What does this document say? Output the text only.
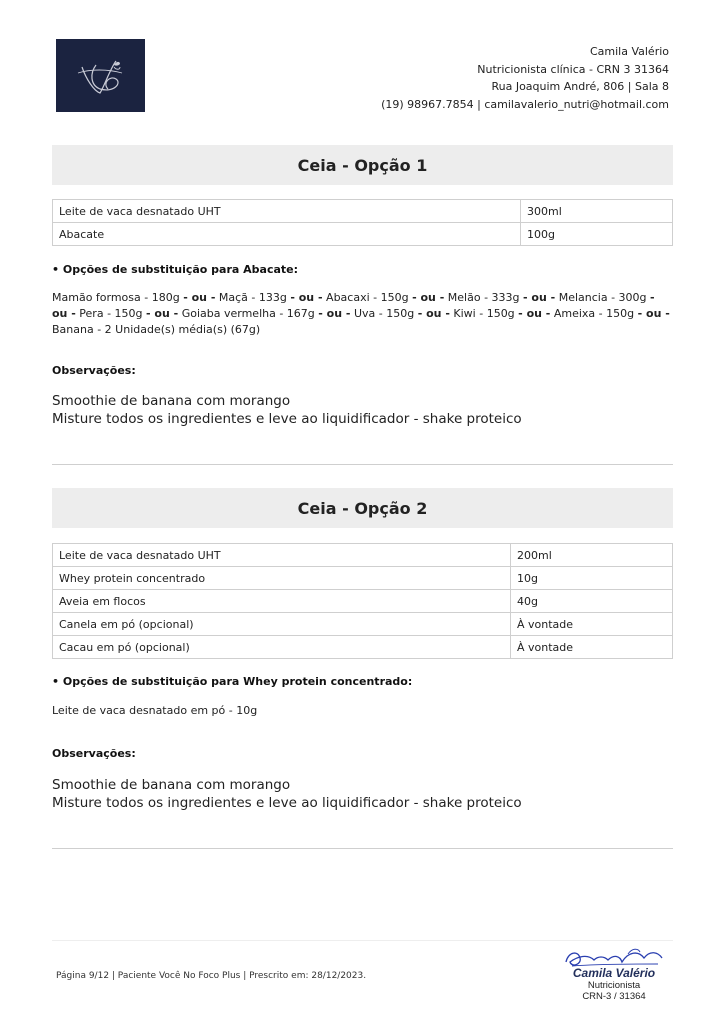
Camila Valério
Nutricionista clínica - CRN 3 31364
Rua Joaquim André, 806 | Sala 8
(19) 98967.7854 | camilavalerio_nutri@hotmail.com
Ceia - Opção 1
Leite de vaca desnatado UHT	300ml
Abacate	100g
• Opções de substituição para Abacate:
Mamão formosa - 180g - ou - Maçã - 133g - ou - Abacaxi - 150g - ou - Melão - 333g - ou - Melancia - 300g - ou - Pera - 150g - ou - Goiaba vermelha - 167g - ou - Uva - 150g - ou - Kiwi - 150g - ou - Ameixa - 150g - ou - Banana - 2 Unidade(s) média(s) (67g)
Observações:
Smoothie de banana com morango
Misture todos os ingredientes e leve ao liquidificador - shake proteico
Ceia - Opção 2
Leite de vaca desnatado UHT	200ml
Whey protein concentrado	10g
Aveia em flocos	40g
Canela em pó (opcional)	À vontade
Cacau em pó (opcional)	À vontade
• Opções de substituição para Whey protein concentrado:
Leite de vaca desnatado em pó - 10g
Observações:
Smoothie de banana com morango
Misture todos os ingredientes e leve ao liquidificador - shake proteico
Página 9/12 | Paciente Você No Foco Plus | Prescrito em: 28/12/2023.	Camila Valério
Nutricionista
CRN-3 / 31364
